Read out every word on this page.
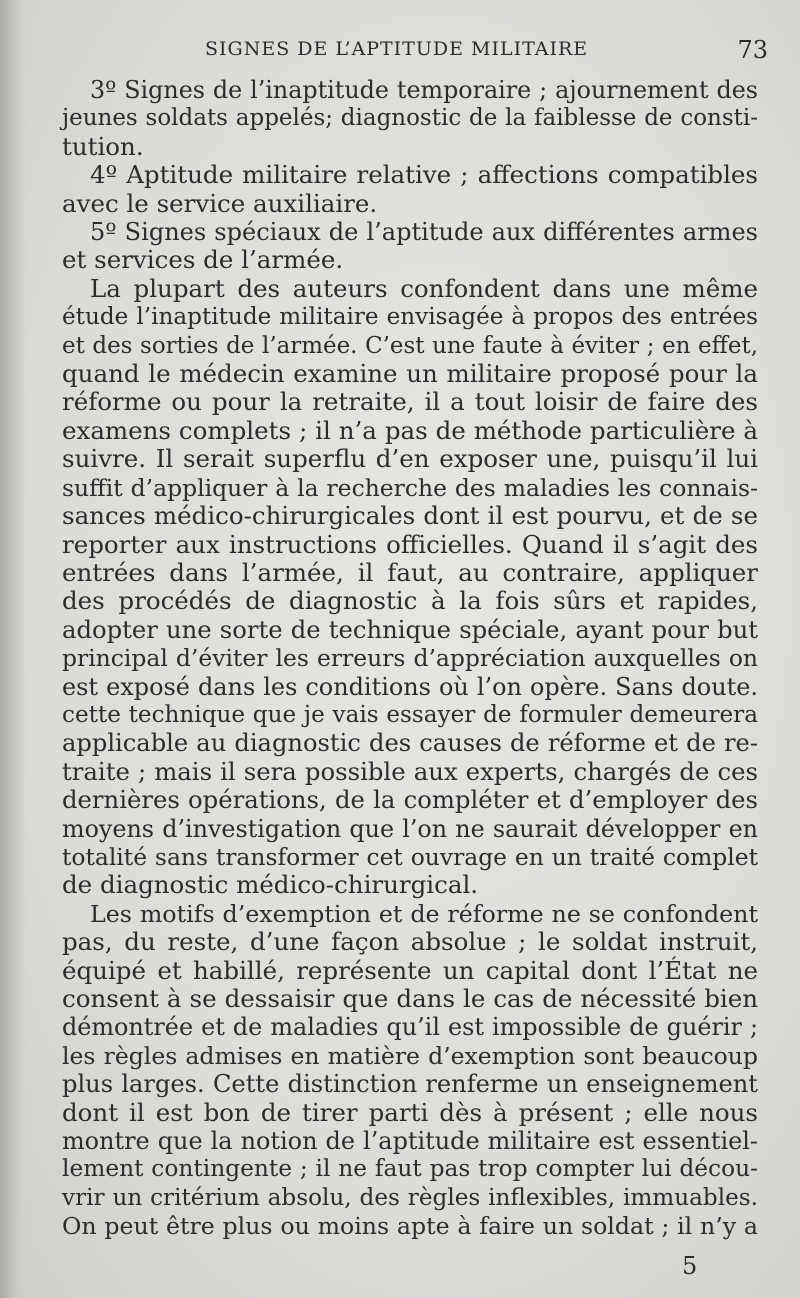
SIGNES DE L’APTITUDE MILITAIRE	73
3º Signes de l’inaptitude temporaire ; ajournement des
jeunes soldats appelés; diagnostic de la faiblesse de consti-
tution.
4º Aptitude militaire relative ; affections compatibles
avec le service auxiliaire.
5º Signes spéciaux de l’aptitude aux différentes armes
et services de l’armée.
La plupart des auteurs confondent dans une même
étude l’inaptitude militaire envisagée à propos des entrées
et des sorties de l’armée. C’est une faute à éviter ; en effet,
quand le médecin examine un militaire proposé pour la
réforme ou pour la retraite, il a tout loisir de faire des
examens complets ; il n’a pas de méthode particulière à
suivre. Il serait superflu d’en exposer une, puisqu’il lui
suffit d’appliquer à la recherche des maladies les connais-
sances médico-chirurgicales dont il est pourvu, et de se
reporter aux instructions officielles. Quand il s’agit des
entrées dans l’armée, il faut, au contraire, appliquer
des procédés de diagnostic à la fois sûrs et rapides,
adopter une sorte de technique spéciale, ayant pour but
principal d’éviter les erreurs d’appréciation auxquelles on
est exposé dans les conditions où l’on opère. Sans doute.
cette technique que je vais essayer de formuler demeurera
applicable au diagnostic des causes de réforme et de re-
traite ; mais il sera possible aux experts, chargés de ces
dernières opérations, de la compléter et d’employer des
moyens d’investigation que l’on ne saurait développer en
totalité sans transformer cet ouvrage en un traité complet
de diagnostic médico-chirurgical.
Les motifs d’exemption et de réforme ne se confondent
pas, du reste, d’une façon absolue ; le soldat instruit,
équipé et habillé, représente un capital dont l’État ne
consent à se dessaisir que dans le cas de nécessité bien
démontrée et de maladies qu’il est impossible de guérir ;
les règles admises en matière d’exemption sont beaucoup
plus larges. Cette distinction renferme un enseignement
dont il est bon de tirer parti dès à présent ; elle nous
montre que la notion de l’aptitude militaire est essentiel-
lement contingente ; il ne faut pas trop compter lui décou-
vrir un critérium absolu, des règles inflexibles, immuables.
On peut être plus ou moins apte à faire un soldat ; il n’y a
5
